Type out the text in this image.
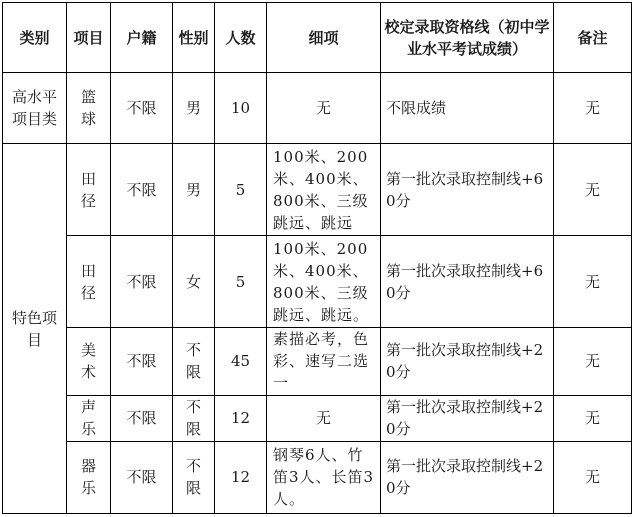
类别	项目	户籍	性别	人数	细项	校定录取资格线（初中学业水平考试成绩）	备注
高水平项目类	篮球	不限	男	10	无	不限成绩	无
特色项目	田径	不限	男	5	100米、200米、400米、800米、三级跳远、跳远	第一批次录取控制线+60分	无
	田径	不限	女	5	100米、200米、400米、800米、三级跳远、跳远。	第一批次录取控制线+60分	无
	美术	不限	不限	45	素描必考，色彩、速写二选一	第一批次录取控制线+20分	无
	声乐	不限	不限	12	无	第一批次录取控制线+20分	无
	器乐	不限	不限	12	钢琴6人、竹笛3人、长笛3人。	第一批次录取控制线+20分	无
